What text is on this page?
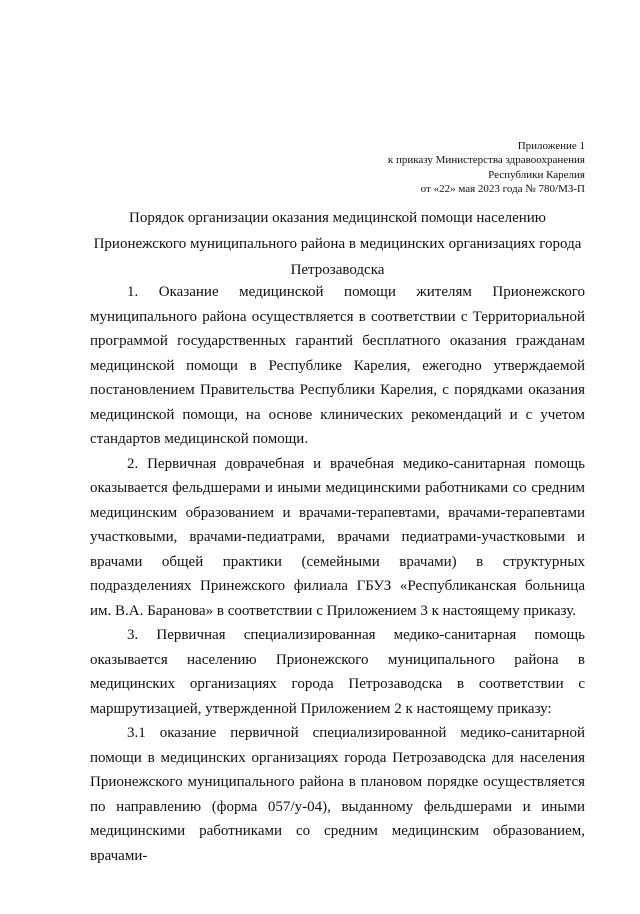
Приложение 1
к приказу Министерства здравоохранения
Республики Карелия
от «22» мая 2023 года № 780/МЗ-П
Порядок организации оказания медицинской помощи населению
Прионежского муниципального района в медицинских организациях города
Петрозаводска

1. Оказание медицинской помощи жителям Прионежского муниципального района осуществляется в соответствии с Территориальной программой государственных гарантий бесплатного оказания гражданам медицинской помощи в Республике Карелия, ежегодно утверждаемой постановлением Правительства Республики Карелия, с порядками оказания медицинской помощи, на основе клинических рекомендаций и с учетом стандартов медицинской помощи.

2. Первичная доврачебная и врачебная медико-санитарная помощь оказывается фельдшерами и иными медицинскими работниками со средним медицинским образованием и врачами-терапевтами, врачами-терапевтами участковыми, врачами-педиатрами, врачами педиатрами-участковыми и врачами общей практики (семейными врачами) в структурных подразделениях Принежского филиала ГБУЗ «Республиканская больница им. В.А. Баранова» в соответствии с Приложением 3 к настоящему приказу.

3. Первичная специализированная медико-санитарная помощь оказывается населению Прионежского муниципального района в медицинских организациях города Петрозаводска в соответствии с маршрутизацией, утвержденной Приложением 2 к настоящему приказу:

3.1 оказание первичной специализированной медико-санитарной помощи в медицинских организациях города Петрозаводска для населения Прионежского муниципального района в плановом порядке осуществляется по направлению (форма 057/у-04), выданному фельдшерами и иными медицинскими работниками со средним медицинским образованием, врачами-
